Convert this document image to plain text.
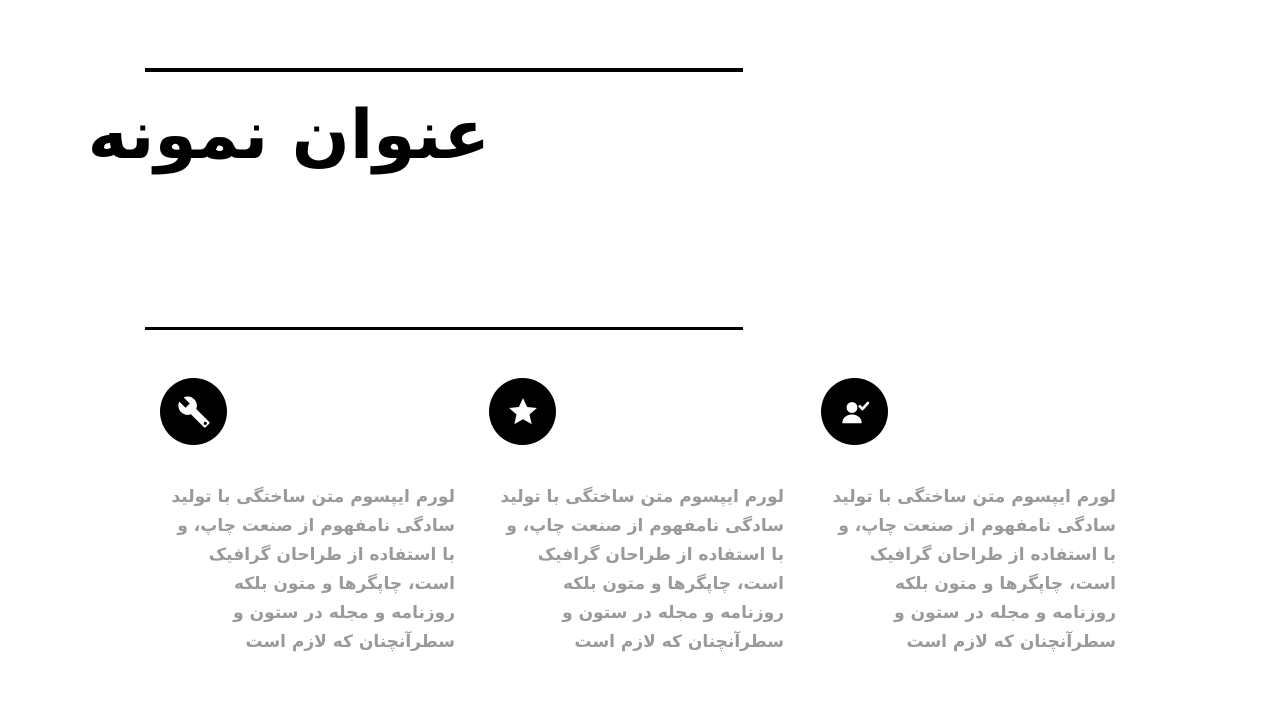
عنوان نمونه

لورم ایپسوم متن ساختگی با تولید سادگی نامفهوم از صنعت چاپ، و با استفاده از طراحان گرافیک است، چاپگرها و متون بلکه روزنامه و مجله در ستون و سطرآنچنان که لازم است

لورم ایپسوم متن ساختگی با تولید سادگی نامفهوم از صنعت چاپ، و با استفاده از طراحان گرافیک است، چاپگرها و متون بلکه روزنامه و مجله در ستون و سطرآنچنان که لازم است

لورم ایپسوم متن ساختگی با تولید سادگی نامفهوم از صنعت چاپ، و با استفاده از طراحان گرافیک است، چاپگرها و متون بلکه روزنامه و مجله در ستون و سطرآنچنان که لازم است
